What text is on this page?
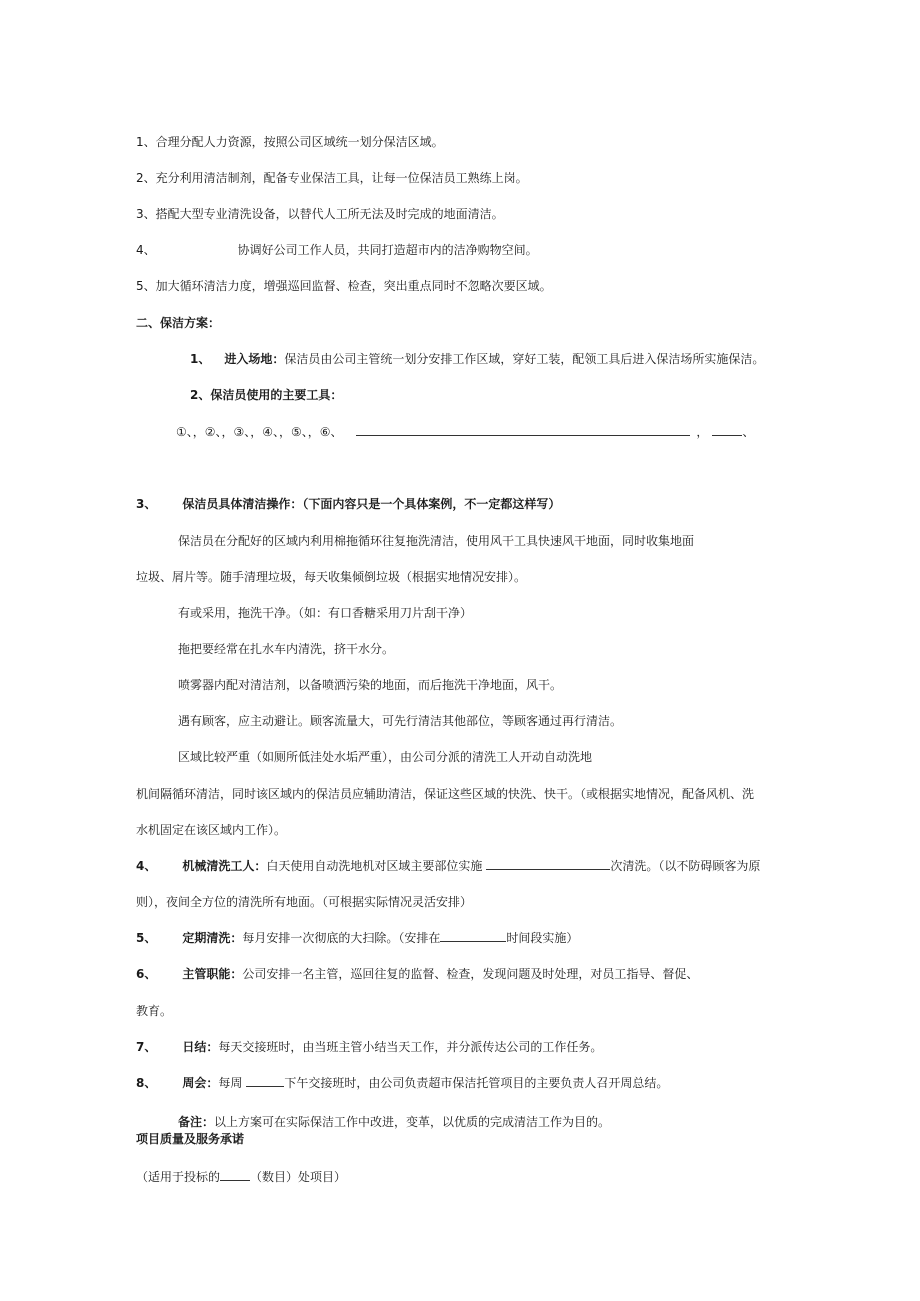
1、合理分配人力资源，按照公司区域统一划分保洁区域。
2、充分利用清洁制剂，配备专业保洁工具，让每一位保洁员工熟练上岗。
3、搭配大型专业清洗设备，以替代人工所无法及时完成的地面清洁。
4、	协调好公司工作人员，共同打造超市内的洁净购物空间。
5、加大循环清洁力度，增强巡回监督、检查，突出重点同时不忽略次要区域。
二、保洁方案：
1、 进入场地：保洁员由公司主管统一划分安排工作区域，穿好工装，配领工具后进入保洁场所实施保洁。
2、保洁员使用的主要工具：
①、，②、，③、，④、，⑤、，⑥、	，	、
3、 保洁员具体清洁操作：（下面内容只是一个具体案例，不一定都这样写）
保洁员在分配好的区域内利用棉拖循环往复拖洗清洁，使用风干工具快速风干地面，同时收集地面
垃圾、屑片等。随手清理垃圾，每天收集倾倒垃圾（根据实地情况安排）。
有或采用，拖洗干净。（如：有口香糖采用刀片刮干净）
拖把要经常在扎水车内清洗，挤干水分。
喷雾器内配对清洁剂，以备喷洒污染的地面，而后拖洗干净地面，风干。
遇有顾客，应主动避让。顾客流量大，可先行清洁其他部位，等顾客通过再行清洁。
区域比较严重（如厕所低洼处水垢严重），由公司分派的清洗工人开动自动洗地
机间隔循环清洁，同时该区域内的保洁员应辅助清洁，保证这些区域的快洗、快干。（或根据实地情况，配备风机、洗
水机固定在该区域内工作）。
4、 机械清洗工人：白天使用自动洗地机对区域主要部位实施	次清洗。（以不防碍顾客为原
则），夜间全方位的清洗所有地面。（可根据实际情况灵活安排）
5、 定期清洗：每月安排一次彻底的大扫除。（安排在	时间段实施）
6、 主管职能：公司安排一名主管，巡回往复的监督、检查，发现问题及时处理，对员工指导、督促、
教育。
7、 日结：每天交接班时，由当班主管小结当天工作，并分派传达公司的工作任务。
8、 周会：每周	下午交接班时，由公司负责超市保洁托管项目的主要负责人召开周总结。
备注：以上方案可在实际保洁工作中改进，变革，以优质的完成清洁工作为目的。
项目质量及服务承诺
（适用于投标的	（数目）处项目）
